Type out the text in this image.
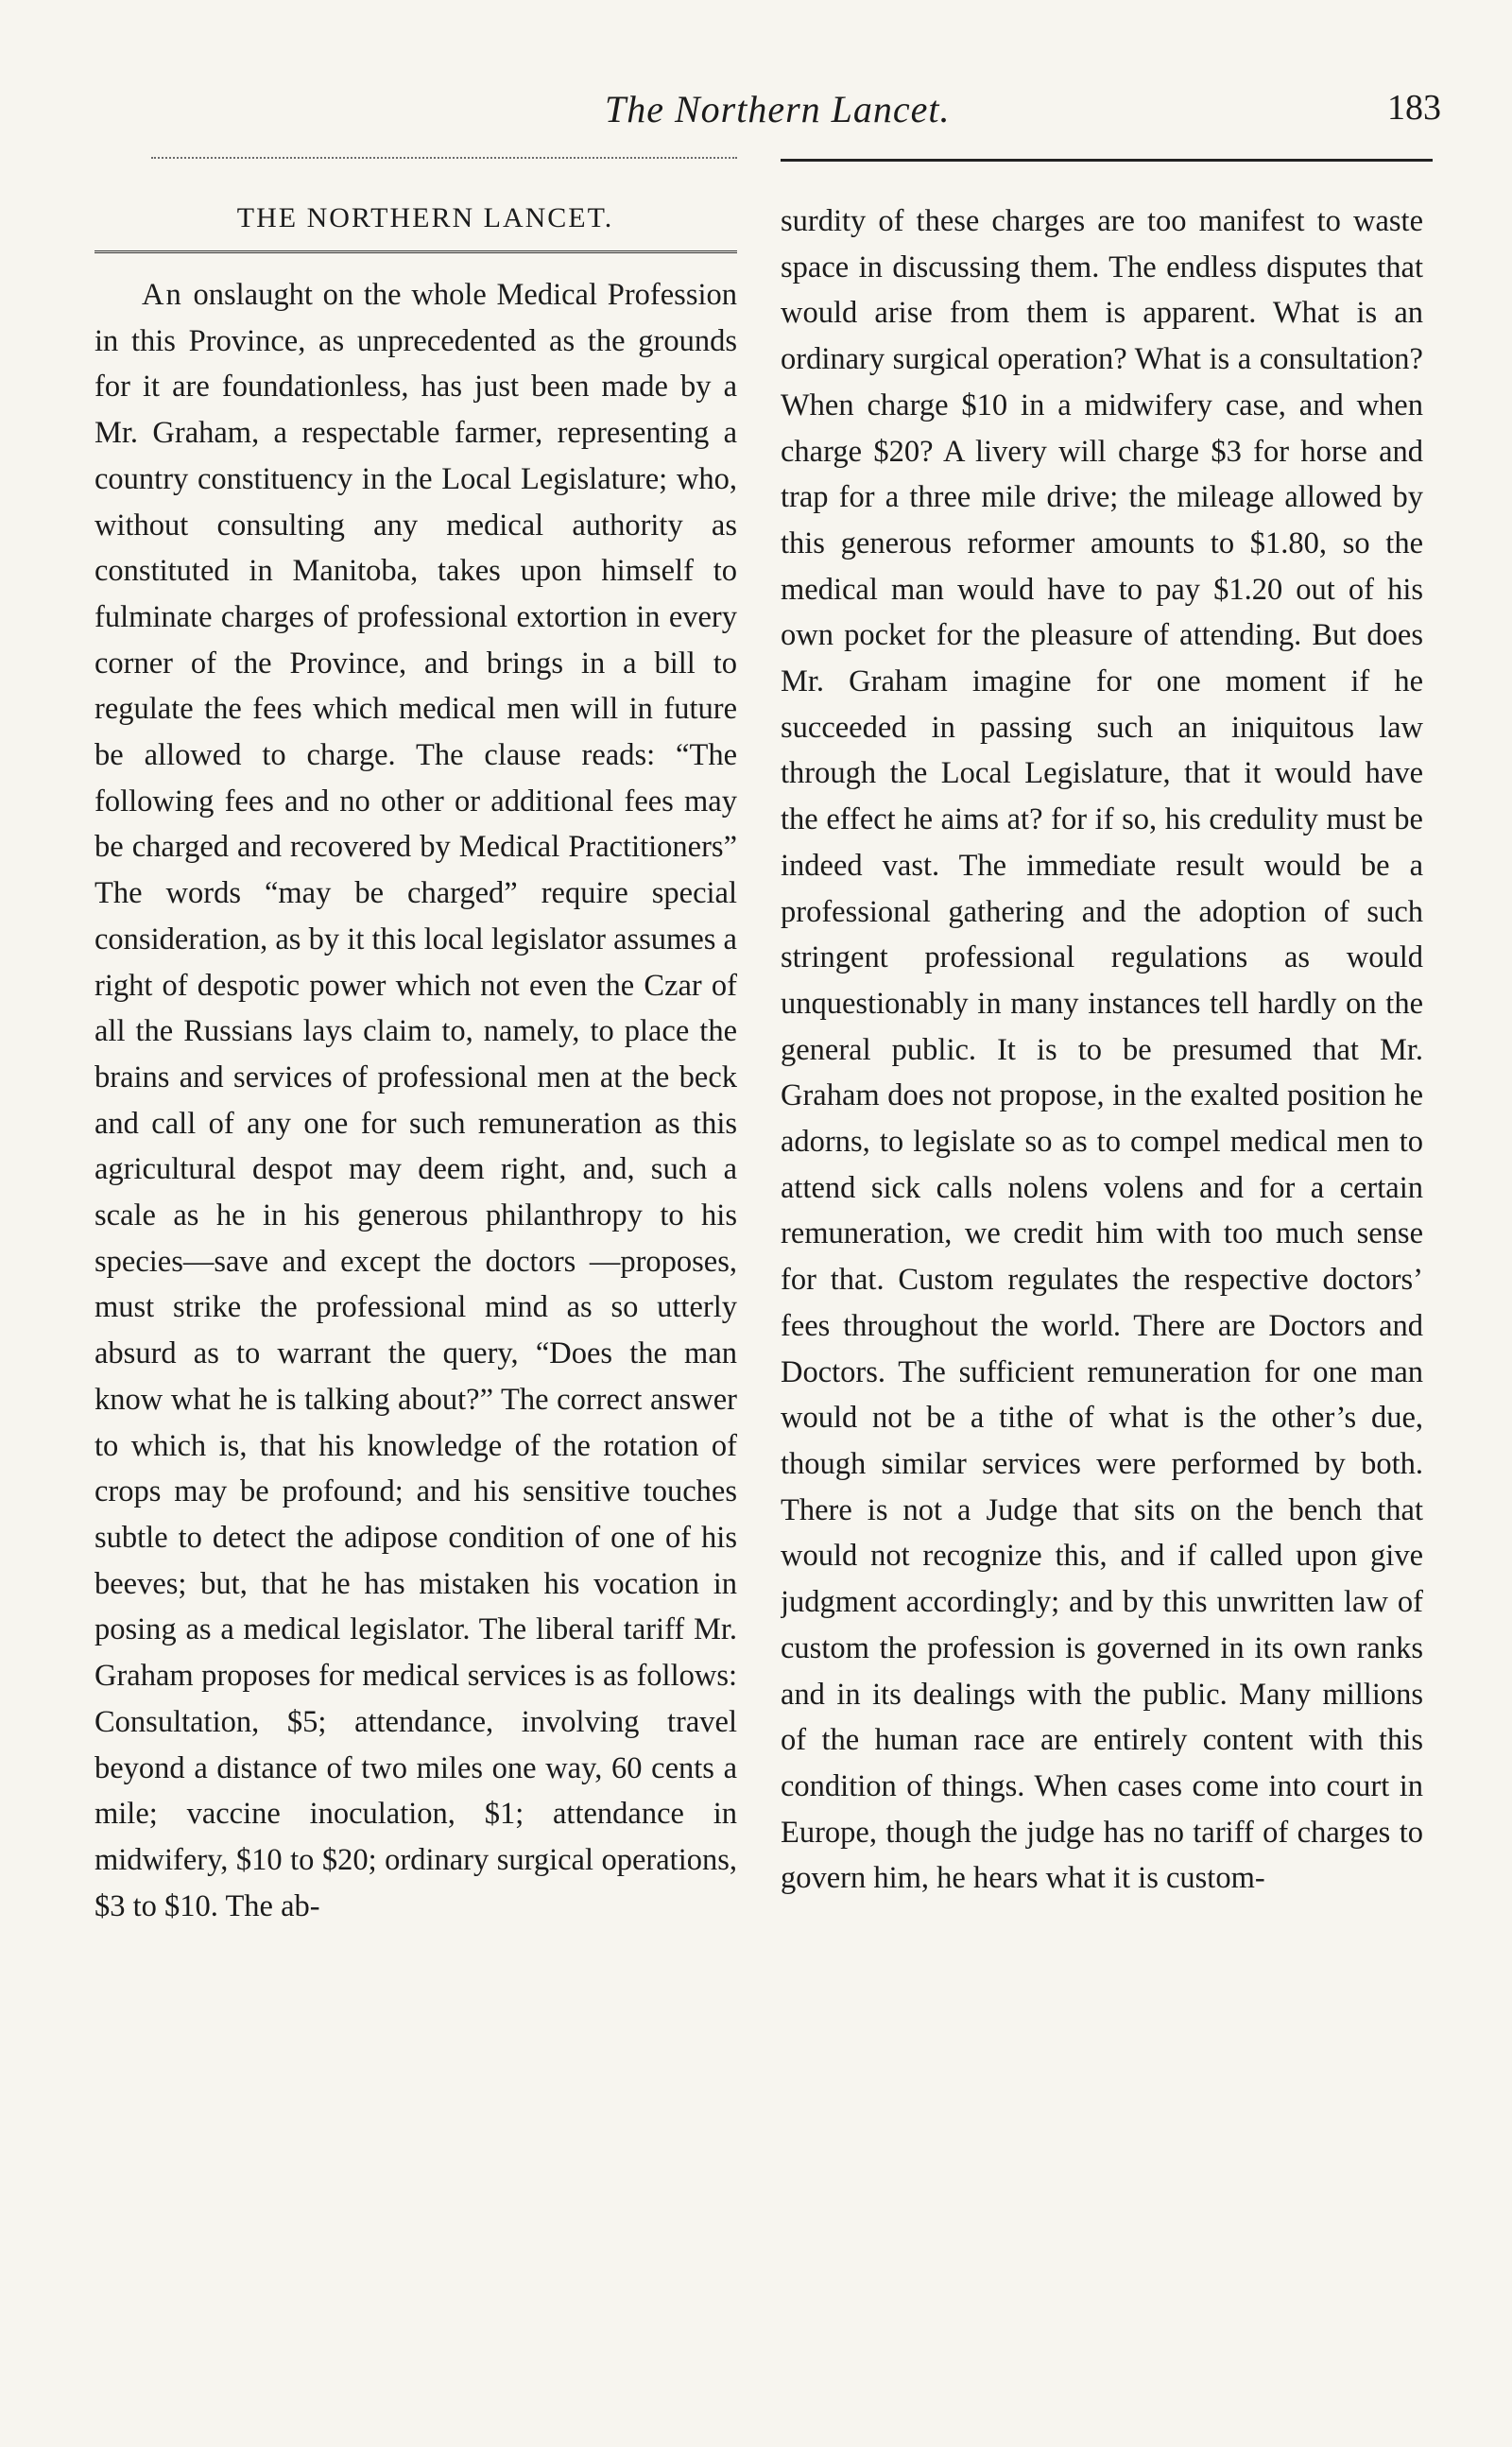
The Northern Lancet.	183
THE NORTHERN LANCET.
An onslaught on the whole Medical Profession in this Province, as unprecedented as the grounds for it are foundationless, has just been made by a Mr. Graham, a respectable farmer, representing a country constituency in the Local Legislature; who, without consulting any medical authority as constituted in Manitoba, takes upon himself to fulminate charges of professional extortion in every corner of the Province, and brings in a bill to regulate the fees which medical men will in future be allowed to charge. The clause reads: “The following fees and no other or additional fees may be charged and recovered by Medical Practitioners” The words “may be charged” require special consideration, as by it this local legislator assumes a right of despotic power which not even the Czar of all the Russians lays claim to, namely, to place the brains and services of professional men at the beck and call of any one for such remuneration as this agricultural despot may deem right, and, such a scale as he in his generous philanthropy to his species—save and except the doctors —proposes, must strike the professional mind as so utterly absurd as to warrant the query, “Does the man know what he is talking about?” The correct answer to which is, that his knowledge of the rotation of crops may be profound; and his sensitive touches subtle to detect the adipose condition of one of his beeves; but, that he has mistaken his vocation in posing as a medical legislator. The liberal tariff Mr. Graham proposes for medical services is as follows: Consultation, $5; attendance, involving travel beyond a distance of two miles one way, 60 cents a mile; vaccine inoculation, $1; attendance in midwifery, $10 to $20; ordinary surgical operations, $3 to $10. The ab-
surdity of these charges are too manifest to waste space in discussing them. The endless disputes that would arise from them is apparent. What is an ordinary surgical operation? What is a consultation? When charge $10 in a midwifery case, and when charge $20? A livery will charge $3 for horse and trap for a three mile drive; the mileage allowed by this generous reformer amounts to $1.80, so the medical man would have to pay $1.20 out of his own pocket for the pleasure of attending. But does Mr. Graham imagine for one moment if he succeeded in passing such an iniquitous law through the Local Legislature, that it would have the effect he aims at? for if so, his credulity must be indeed vast. The immediate result would be a professional gathering and the adoption of such stringent professional regulations as would unquestionably in many instances tell hardly on the general public. It is to be presumed that Mr. Graham does not propose, in the exalted position he adorns, to legislate so as to compel medical men to attend sick calls nolens volens and for a certain remuneration, we credit him with too much sense for that. Custom regulates the respective doctors’ fees throughout the world. There are Doctors and Doctors. The sufficient remuneration for one man would not be a tithe of what is the other’s due, though similar services were performed by both. There is not a Judge that sits on the bench that would not recognize this, and if called upon give judgment accordingly; and by this unwritten law of custom the profession is governed in its own ranks and in its dealings with the public. Many millions of the human race are entirely content with this condition of things. When cases come into court in Europe, though the judge has no tariff of charges to govern him, he hears what it is custom-
